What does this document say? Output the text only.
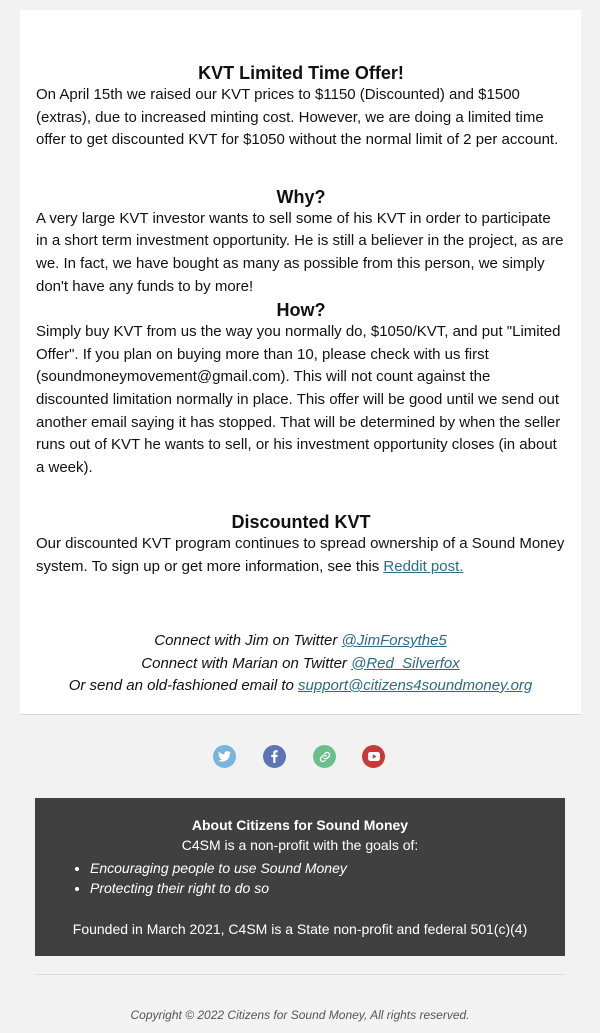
KVT Limited Time Offer!

On April 15th we raised our KVT prices to $1150 (Discounted) and $1500 (extras), due to increased minting cost. However, we are doing a limited time offer to get discounted KVT for $1050 without the normal limit of 2 per account.

Why?

A very large KVT investor wants to sell some of his KVT in order to participate in a short term investment opportunity. He is still a believer in the project, as are we. In fact, we have bought as many as possible from this person, we simply don't have any funds to by more!

How?

Simply buy KVT from us the way you normally do, $1050/KVT, and put "Limited Offer". If you plan on buying more than 10, please check with us first (soundmoneymovement@gmail.com). This will not count against the discounted limitation normally in place. This offer will be good until we send out another email saying it has stopped. That will be determined by when the seller runs out of KVT he wants to sell, or his investment opportunity closes (in about a week).

Discounted KVT

Our discounted KVT program continues to spread ownership of a Sound Money system. To sign up or get more information, see this Reddit post.

Connect with Jim on Twitter @JimForsythe5
Connect with Marian on Twitter @Red_Silverfox
Or send an old-fashioned email to support@citizens4soundmoney.org
About Citizens for Sound Money
C4SM is a non-profit with the goals of:
• Encouraging people to use Sound Money
• Protecting their right to do so
Founded in March 2021, C4SM is a State non-profit and federal 501(c)(4)
Copyright © 2022 Citizens for Sound Money, All rights reserved.
